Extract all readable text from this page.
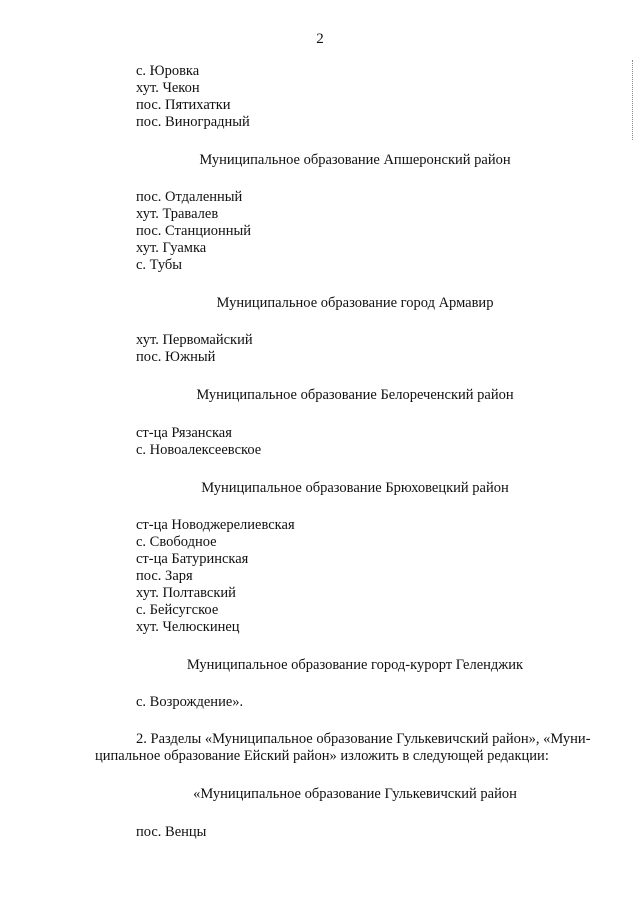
2
с. Юровка
хут. Чекон
пос. Пятихатки
пос. Виноградный
Муниципальное образование Апшеронский район
пос. Отдаленный
хут. Травалев
пос. Станционный
хут. Гуамка
с. Тубы
Муниципальное образование город Армавир
хут. Первомайский
пос. Южный
Муниципальное образование Белореченский район
ст-ца Рязанская
с. Новоалексеевское
Муниципальное образование Брюховецкий район
ст-ца Новоджерелиевская
с. Свободное
ст-ца Батуринская
пос. Заря
хут. Полтавский
с. Бейсугское
хут. Челюскинец
Муниципальное образование город-курорт Геленджик
с. Возрождение».
2. Разделы «Муниципальное образование Гулькевичский район», «Муни-
ципальное образование Ейский район» изложить в следующей редакции:
«Муниципальное образование Гулькевичский район
пос. Венцы
